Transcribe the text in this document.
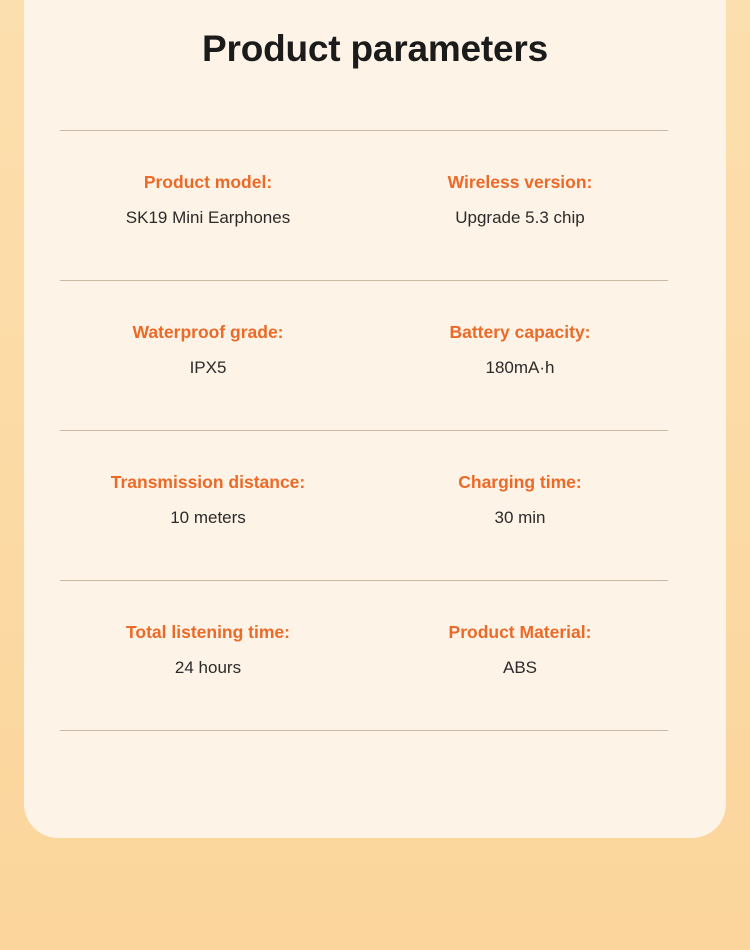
Product parameters
Product model:
SK19 Mini Earphones
Wireless version:
Upgrade 5.3 chip
Waterproof grade:
IPX5
Battery capacity:
180mA·h
Transmission distance:
10 meters
Charging time:
30 min
Total listening time:
24 hours
Product Material:
ABS
